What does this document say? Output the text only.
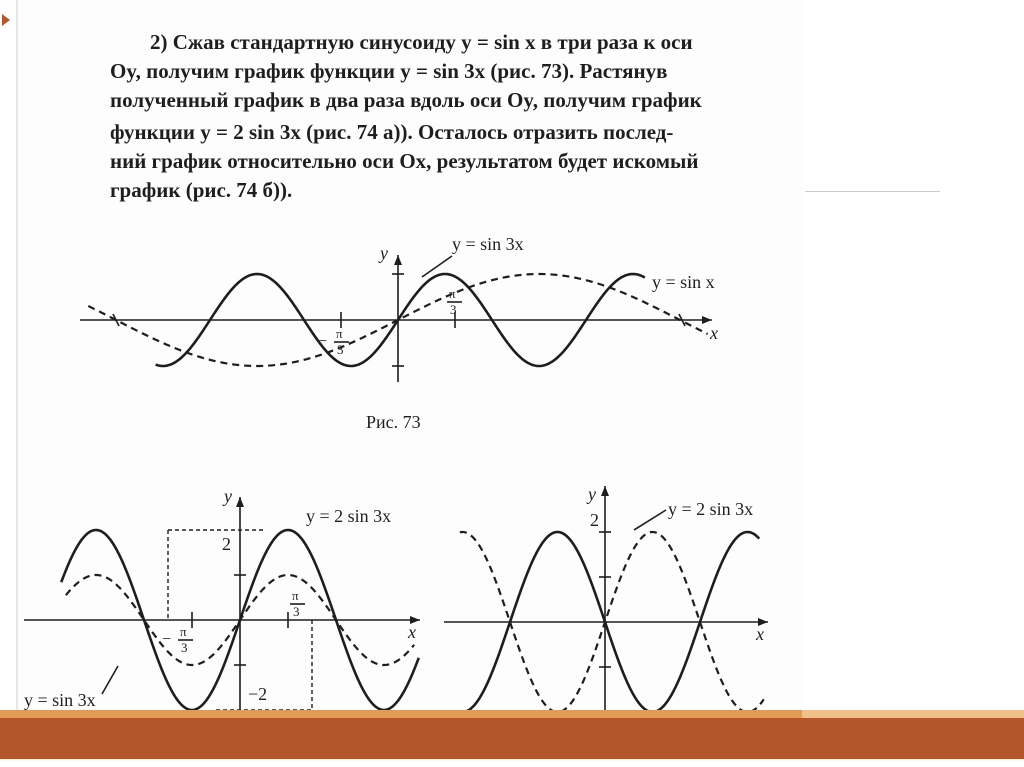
2) Сжав стандартную синусоиду y = sin x в три раза к оси

Oy, получим график функции y = sin 3x (рис. 73). Растянув

полученный график в два раза вдоль оси Oy, получим график

функции y = 2 sin 3x (рис. 74 а)). Осталось отразить послед-

ний график относительно оси Ox, результатом будет искомый

график (рис. 74 б)).

y
x
y = sin 3x
y = sin x
π
3
− π
3
Рис. 73
y
x
2
−2
y = 2 sin 3x
y = sin 3x
π
3
− π
3
y
x
2
y = 2 sin 3x
